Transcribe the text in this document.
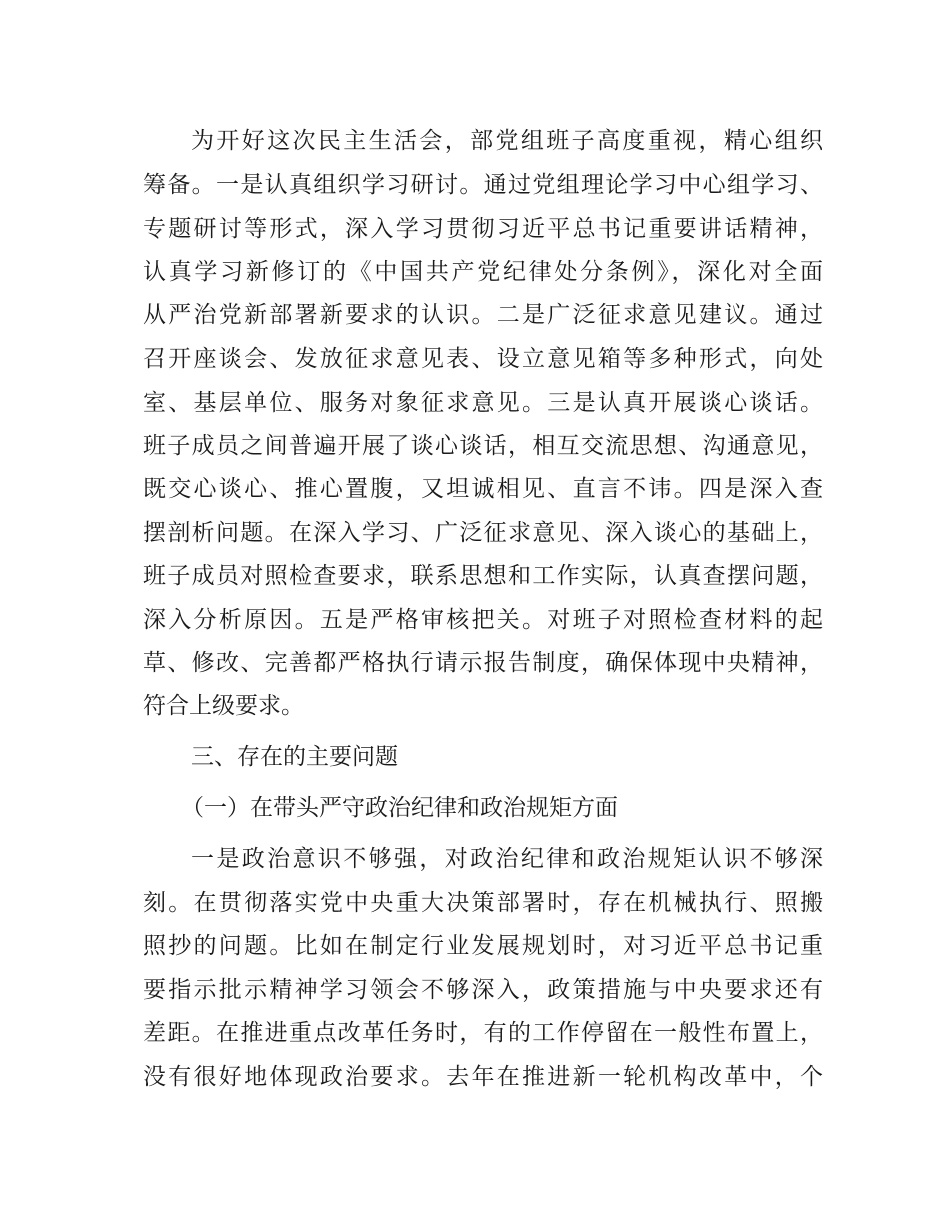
为开好这次民主生活会，部党组班子高度重视，精心组织
筹备。一是认真组织学习研讨。通过党组理论学习中心组学习、
专题研讨等形式，深入学习贯彻习近平总书记重要讲话精神，
认真学习新修订的《中国共产党纪律处分条例》，深化对全面
从严治党新部署新要求的认识。二是广泛征求意见建议。通过
召开座谈会、发放征求意见表、设立意见箱等多种形式，向处
室、基层单位、服务对象征求意见。三是认真开展谈心谈话。
班子成员之间普遍开展了谈心谈话，相互交流思想、沟通意见，
既交心谈心、推心置腹，又坦诚相见、直言不讳。四是深入查
摆剖析问题。在深入学习、广泛征求意见、深入谈心的基础上，
班子成员对照检查要求，联系思想和工作实际，认真查摆问题，
深入分析原因。五是严格审核把关。对班子对照检查材料的起
草、修改、完善都严格执行请示报告制度，确保体现中央精神，
符合上级要求。
三、存在的主要问题
（一）在带头严守政治纪律和政治规矩方面
一是政治意识不够强，对政治纪律和政治规矩认识不够深
刻。在贯彻落实党中央重大决策部署时，存在机械执行、照搬
照抄的问题。比如在制定行业发展规划时，对习近平总书记重
要指示批示精神学习领会不够深入，政策措施与中央要求还有
差距。在推进重点改革任务时，有的工作停留在一般性布置上，
没有很好地体现政治要求。去年在推进新一轮机构改革中，个
